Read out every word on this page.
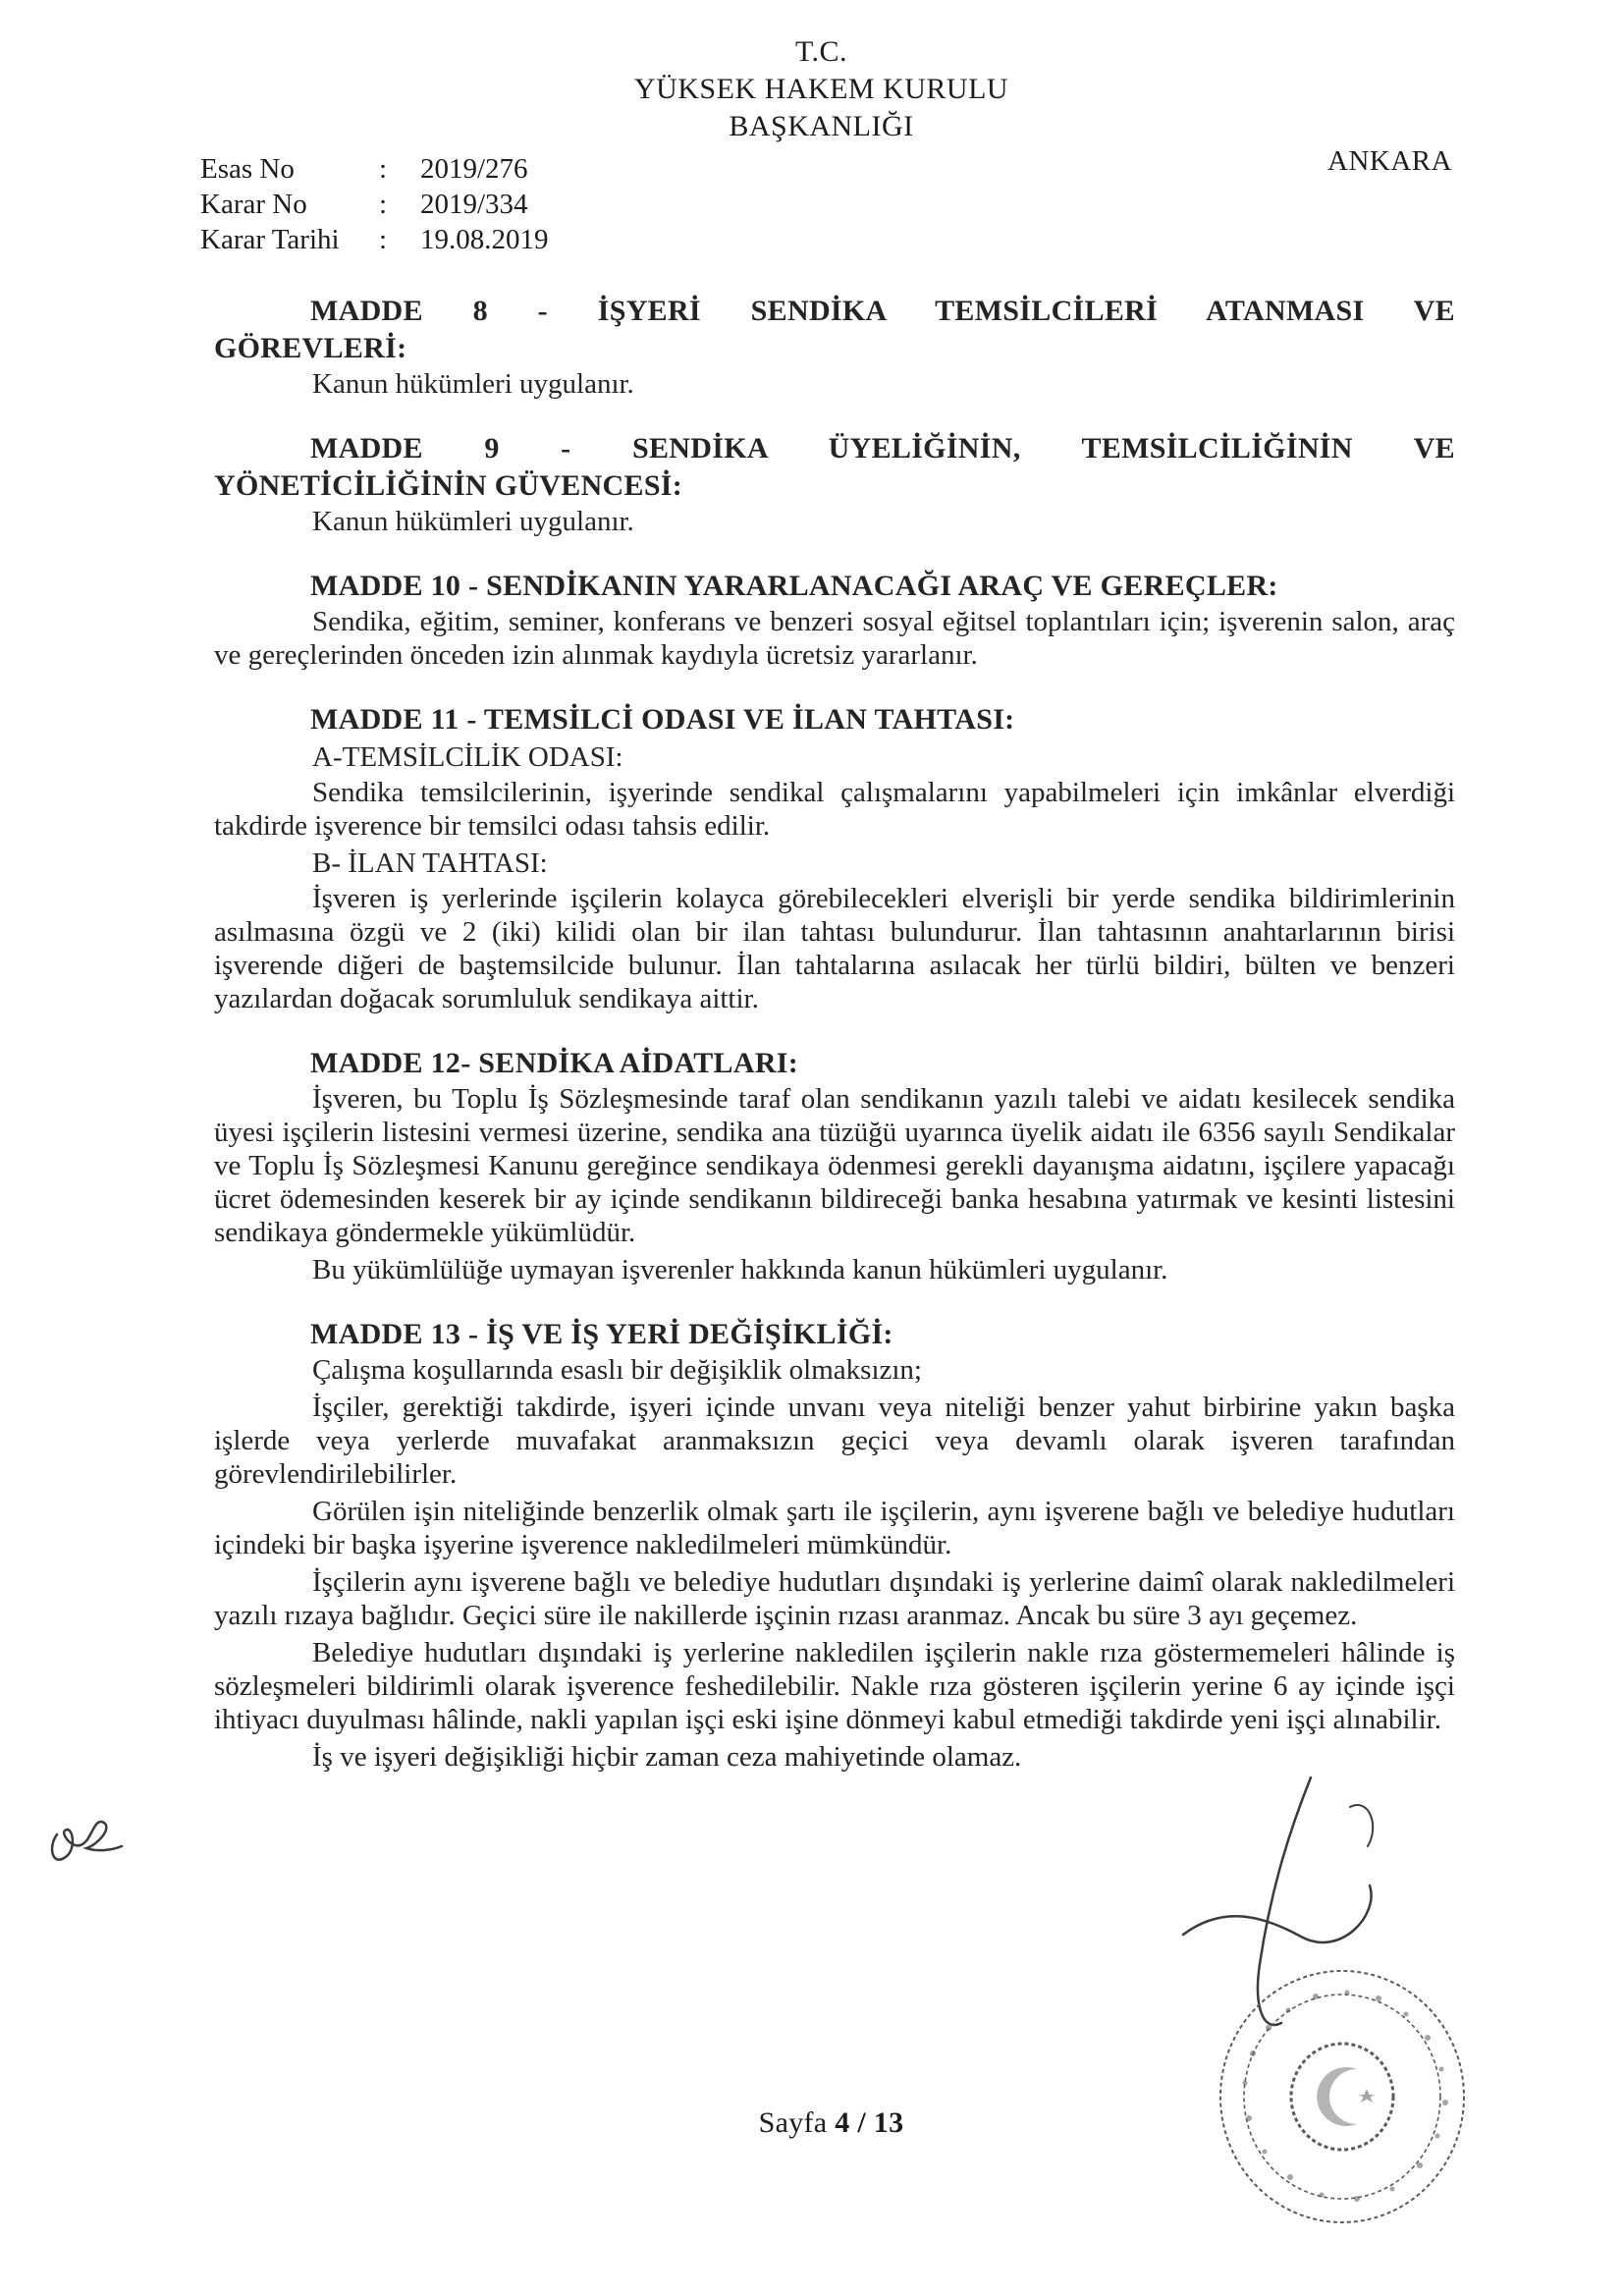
T.C.
YÜKSEK HAKEM KURULU
BAŞKANLIĞI
ANKARA
Esas No	:	2019/276
Karar No	:	2019/334
Karar Tarihi	:	19.08.2019
MADDE 8 - İŞYERİ SENDİKA TEMSİLCİLERİ ATANMASI VE
GÖREVLERİ:

Kanun hükümleri uygulanır.

MADDE 9 - SENDİKA ÜYELİĞİNİN, TEMSİLCİLİĞİNİN VE
YÖNETİCİLİĞİNİN GÜVENCESİ:

Kanun hükümleri uygulanır.

MADDE 10 - SENDİKANIN YARARLANACAĞI ARAÇ VE GEREÇLER:

Sendika, eğitim, seminer, konferans ve benzeri sosyal eğitsel toplantıları için; işverenin salon, araç ve gereçlerinden önceden izin alınmak kaydıyla ücretsiz yararlanır.

MADDE 11 - TEMSİLCİ ODASI VE İLAN TAHTASI:
A-TEMSİLCİLİK ODASI:

Sendika temsilcilerinin, işyerinde sendikal çalışmalarını yapabilmeleri için imkânlar elverdiği takdirde işverence bir temsilci odası tahsis edilir.

B- İLAN TAHTASI:

İşveren iş yerlerinde işçilerin kolayca görebilecekleri elverişli bir yerde sendika bildirimlerinin asılmasına özgü ve 2 (iki) kilidi olan bir ilan tahtası bulundurur. İlan tahtasının anahtarlarının birisi işverende diğeri de baştemsilcide bulunur. İlan tahtalarına asılacak her türlü bildiri, bülten ve benzeri yazılardan doğacak sorumluluk sendikaya aittir.

MADDE 12- SENDİKA AİDATLARI:

İşveren, bu Toplu İş Sözleşmesinde taraf olan sendikanın yazılı talebi ve aidatı kesilecek sendika üyesi işçilerin listesini vermesi üzerine, sendika ana tüzüğü uyarınca üyelik aidatı ile 6356 sayılı Sendikalar ve Toplu İş Sözleşmesi Kanunu gereğince sendikaya ödenmesi gerekli dayanışma aidatını, işçilere yapacağı ücret ödemesinden keserek bir ay içinde sendikanın bildireceği banka hesabına yatırmak ve kesinti listesini sendikaya göndermekle yükümlüdür.

Bu yükümlülüğe uymayan işverenler hakkında kanun hükümleri uygulanır.

MADDE 13 - İŞ VE İŞ YERİ DEĞİŞİKLİĞİ:

Çalışma koşullarında esaslı bir değişiklik olmaksızın;

İşçiler, gerektiği takdirde, işyeri içinde unvanı veya niteliği benzer yahut birbirine yakın başka işlerde veya yerlerde muvafakat aranmaksızın geçici veya devamlı olarak işveren tarafından görevlendirilebilirler.

Görülen işin niteliğinde benzerlik olmak şartı ile işçilerin, aynı işverene bağlı ve belediye hudutları içindeki bir başka işyerine işverence nakledilmeleri mümkündür.

İşçilerin aynı işverene bağlı ve belediye hudutları dışındaki iş yerlerine daimî olarak nakledilmeleri yazılı rızaya bağlıdır. Geçici süre ile nakillerde işçinin rızası aranmaz. Ancak bu süre 3 ayı geçemez.

Belediye hudutları dışındaki iş yerlerine nakledilen işçilerin nakle rıza göstermemeleri hâlinde iş sözleşmeleri bildirimli olarak işverence feshedilebilir. Nakle rıza gösteren işçilerin yerine 6 ay içinde işçi ihtiyacı duyulması hâlinde, nakli yapılan işçi eski işine dönmeyi kabul etmediği takdirde yeni işçi alınabilir.

İş ve işyeri değişikliği hiçbir zaman ceza mahiyetinde olamaz.

Sayfa 4 / 13
